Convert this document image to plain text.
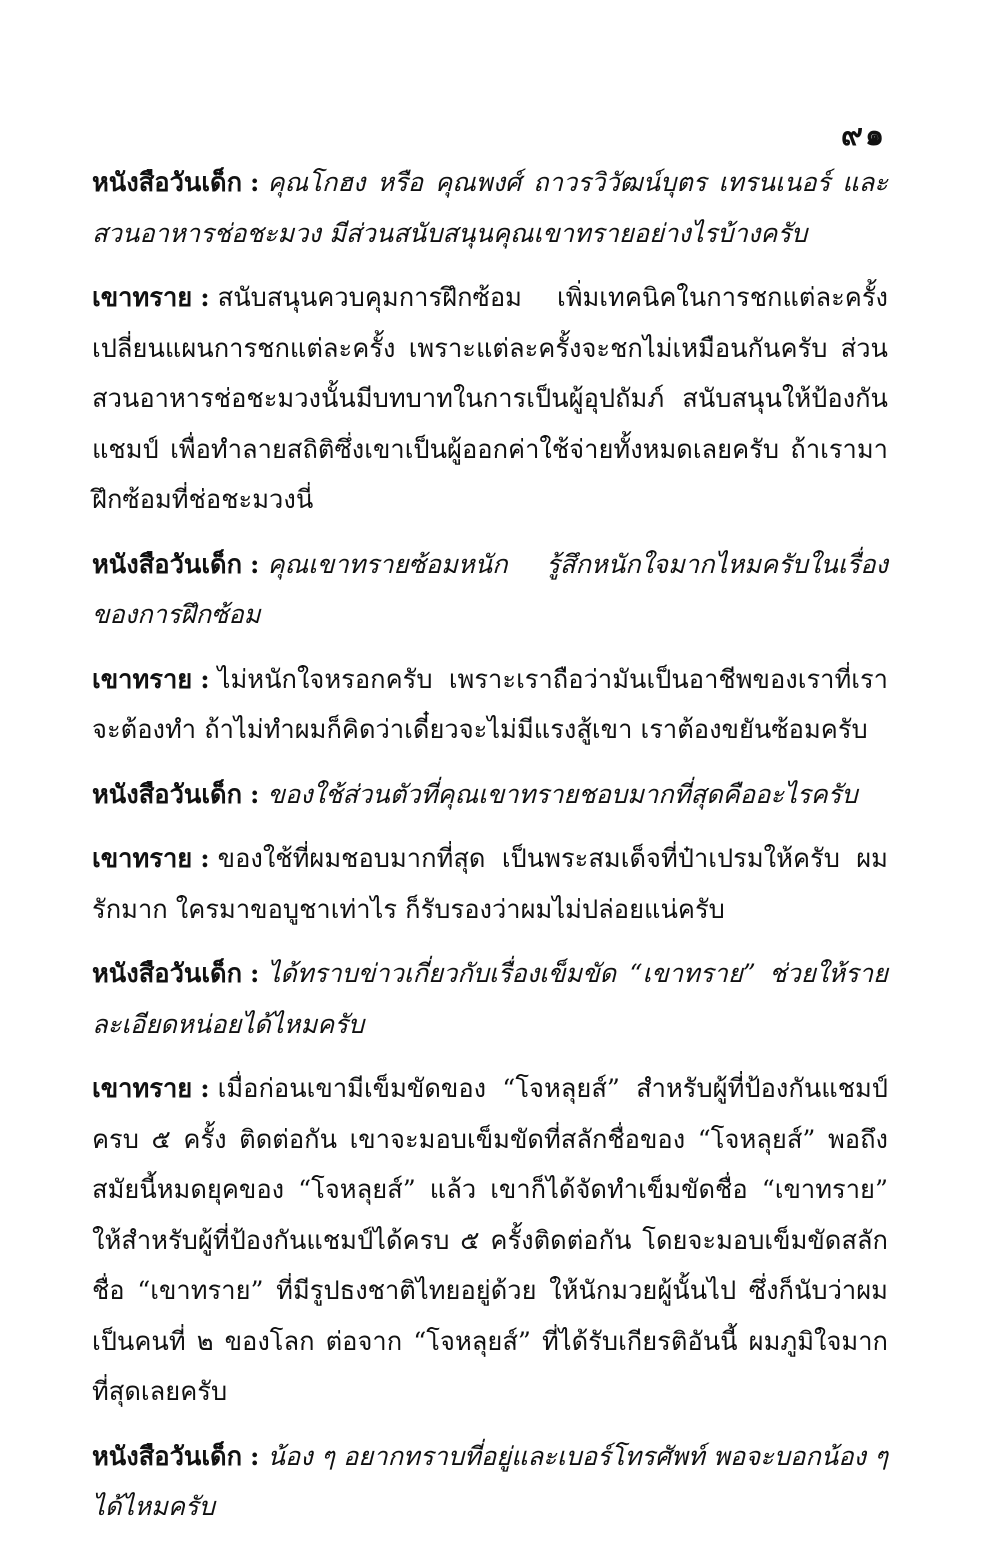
๙๑

หนังสือวันเด็ก : คุณโกฮง หรือ คุณพงศ์ ถาวรวิวัฒน์บุตร เทรนเนอร์ และสวนอาหารช่อชะมวง มีส่วนสนับสนุนคุณเขาทรายอย่างไรบ้างครับ

เขาทราย : สนับสนุนควบคุมการฝึกซ้อม เพิ่มเทคนิคในการชกแต่ละครั้ง เปลี่ยนแผนการชกแต่ละครั้ง เพราะแต่ละครั้งจะชกไม่เหมือนกันครับ ส่วนสวนอาหารช่อชะมวงนั้นมีบทบาทในการเป็นผู้อุปถัมภ์ สนับสนุนให้ป้องกันแชมป์ เพื่อทำลายสถิติซึ่งเขาเป็นผู้ออกค่าใช้จ่ายทั้งหมดเลยครับ ถ้าเรามาฝึกซ้อมที่ช่อชะมวงนี่

หนังสือวันเด็ก : คุณเขาทรายซ้อมหนัก รู้สึกหนักใจมากไหมครับในเรื่องของการฝึกซ้อม

เขาทราย : ไม่หนักใจหรอกครับ เพราะเราถือว่ามันเป็นอาชีพของเราที่เราจะต้องทำ ถ้าไม่ทำผมก็คิดว่าเดี๋ยวจะไม่มีแรงสู้เขา เราต้องขยันซ้อมครับ

หนังสือวันเด็ก : ของใช้ส่วนตัวที่คุณเขาทรายชอบมากที่สุดคืออะไรครับ

เขาทราย : ของใช้ที่ผมชอบมากที่สุด เป็นพระสมเด็จที่ป๋าเปรมให้ครับ ผมรักมาก ใครมาขอบูชาเท่าไร ก็รับรองว่าผมไม่ปล่อยแน่ครับ

หนังสือวันเด็ก : ได้ทราบข่าวเกี่ยวกับเรื่องเข็มขัด “เขาทราย” ช่วยให้รายละเอียดหน่อยได้ไหมครับ

เขาทราย : เมื่อก่อนเขามีเข็มขัดของ “โจหลุยส์” สำหรับผู้ที่ป้องกันแชมป์ครบ ๕ ครั้ง ติดต่อกัน เขาจะมอบเข็มขัดที่สลักชื่อของ “โจหลุยส์” พอถึงสมัยนี้หมดยุคของ “โจหลุยส์” แล้ว เขาก็ได้จัดทำเข็มขัดชื่อ “เขาทราย” ให้สำหรับผู้ที่ป้องกันแชมป์ได้ครบ ๕ ครั้งติดต่อกัน โดยจะมอบเข็มขัดสลักชื่อ “เขาทราย” ที่มีรูปธงชาติไทยอยู่ด้วย ให้นักมวยผู้นั้นไป ซึ่งก็นับว่าผมเป็นคนที่ ๒ ของโลก ต่อจาก “โจหลุยส์” ที่ได้รับเกียรติอันนี้ ผมภูมิใจมากที่สุดเลยครับ

หนังสือวันเด็ก : น้อง ๆ อยากทราบที่อยู่และเบอร์โทรศัพท์ พอจะบอกน้อง ๆ ได้ไหมครับ
